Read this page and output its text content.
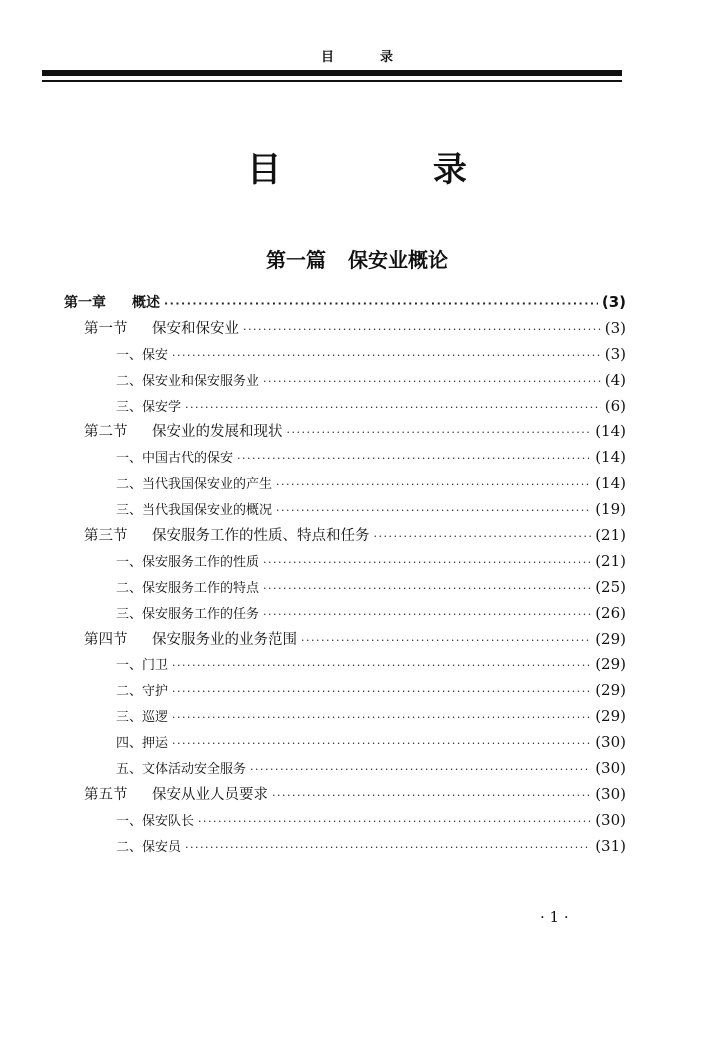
目录
目 录
第一篇 保安业概论
第一章	概述 ·····	(3)
第一节	保安和保安业 ·····	(3)
一、保安 ·····	(3)
二、保安业和保安服务业 ·····	(4)
三、保安学 ·····	(6)
第二节	保安业的发展和现状 ·····	(14)
一、中国古代的保安 ·····	(14)
二、当代我国保安业的产生 ·····	(14)
三、当代我国保安业的概况 ·····	(19)
第三节	保安服务工作的性质、特点和任务 ·····	(21)
一、保安服务工作的性质 ·····	(21)
二、保安服务工作的特点 ·····	(25)
三、保安服务工作的任务 ·····	(26)
第四节	保安服务业的业务范围 ·····	(29)
一、门卫 ·····	(29)
二、守护 ·····	(29)
三、巡逻 ·····	(29)
四、押运 ·····	(30)
五、文体活动安全服务 ·····	(30)
第五节	保安从业人员要求 ·····	(30)
一、保安队长 ·····	(30)
二、保安员 ·····	(31)
· 1 ·
